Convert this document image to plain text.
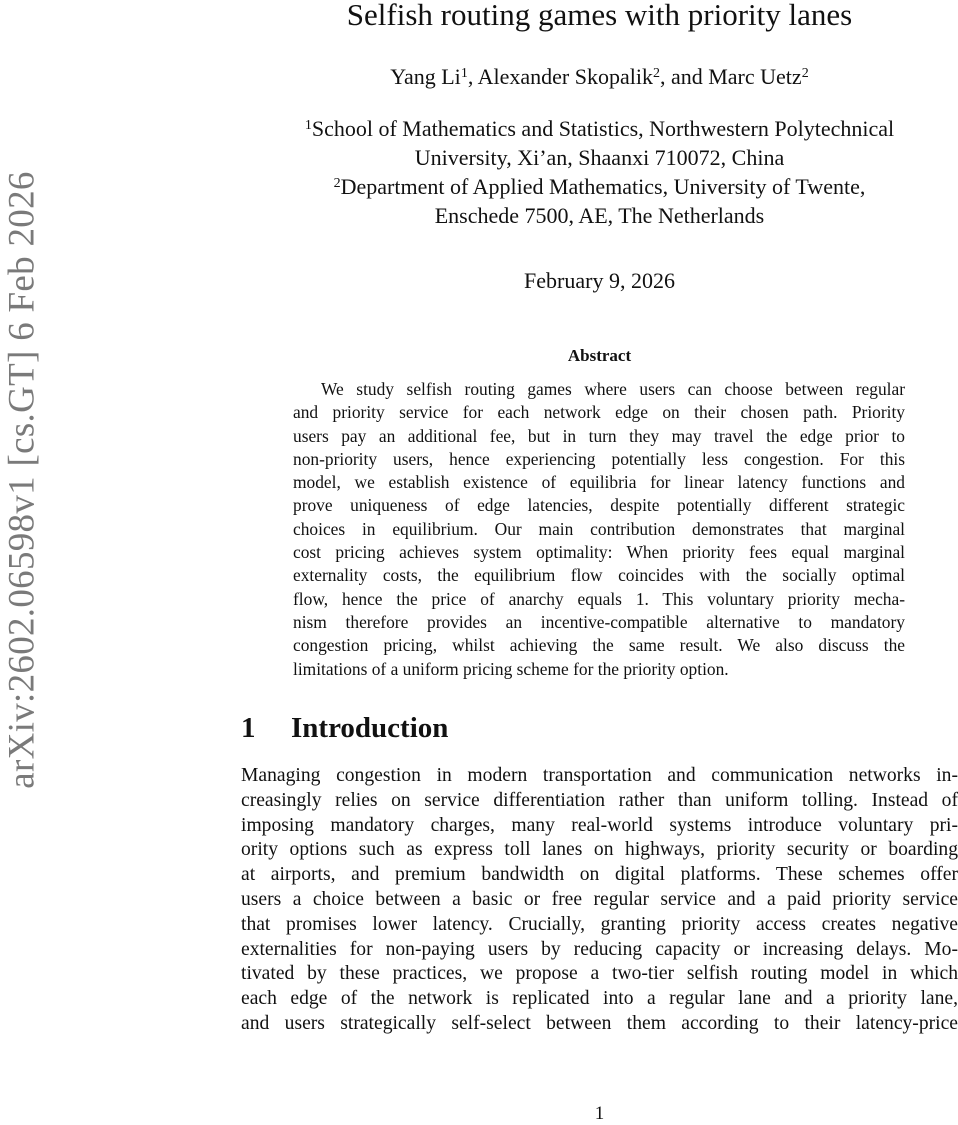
arXiv:2602.06598v1 [cs.GT] 6 Feb 2026
Selfish routing games with priority lanes
Yang Li$^1$, Alexander Skopalik$^2$, and Marc Uetz$^2$
$^1$School of Mathematics and Statistics, Northwestern Polytechnical
University, Xi’an, Shaanxi 710072, China
$^2$Department of Applied Mathematics, University of Twente,
Enschede 7500, AE, The Netherlands
February 9, 2026
Abstract
We study selfish routing games where users can choose between regular
and priority service for each network edge on their chosen path. Priority
users pay an additional fee, but in turn they may travel the edge prior to
non-priority users, hence experiencing potentially less congestion. For this
model, we establish existence of equilibria for linear latency functions and
prove uniqueness of edge latencies, despite potentially different strategic
choices in equilibrium. Our main contribution demonstrates that marginal
cost pricing achieves system optimality: When priority fees equal marginal
externality costs, the equilibrium flow coincides with the socially optimal
flow, hence the price of anarchy equals 1. This voluntary priority mecha-
nism therefore provides an incentive-compatible alternative to mandatory
congestion pricing, whilst achieving the same result. We also discuss the
limitations of a uniform pricing scheme for the priority option.
1 Introduction
Managing congestion in modern transportation and communication networks in-
creasingly relies on service differentiation rather than uniform tolling. Instead of
imposing mandatory charges, many real-world systems introduce voluntary pri-
ority options such as express toll lanes on highways, priority security or boarding
at airports, and premium bandwidth on digital platforms. These schemes offer
users a choice between a basic or free regular service and a paid priority service
that promises lower latency. Crucially, granting priority access creates negative
externalities for non-paying users by reducing capacity or increasing delays. Mo-
tivated by these practices, we propose a two-tier selfish routing model in which
each edge of the network is replicated into a regular lane and a priority lane,
and users strategically self-select between them according to their latency-price
1
